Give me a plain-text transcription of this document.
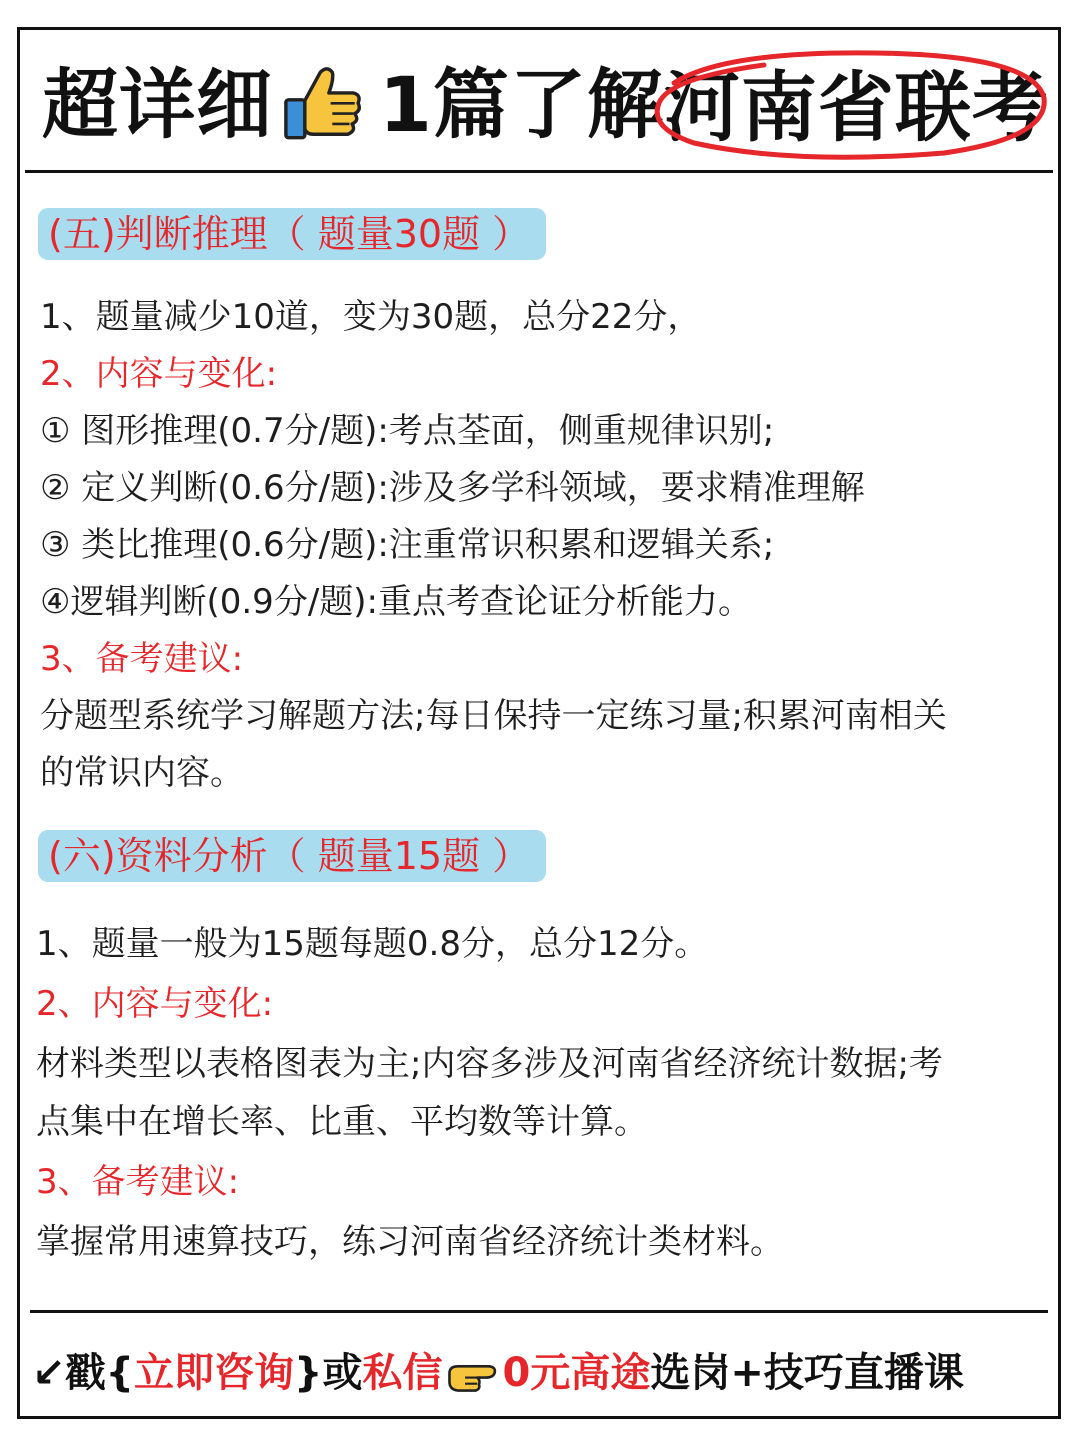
超详细 1篇了解河南省联考
(五)判断推理（ 题量30题 ）
1、题量减少10道，变为30题，总分22分，
2、内容与变化:
① 图形推理(0.7分/题):考点荃面，侧重规律识别;
② 定义判断(0.6分/题):涉及多学科领域，要求精准理解
③ 类比推理(0.6分/题):注重常识积累和逻辑关系;
④逻辑判断(0.9分/题):重点考查论证分析能力。
3、备考建议:
分题型系统学习解题方法;每日保持一定练习量;积累河南相关
的常识内容。
(六)资料分析（ 题量15题 ）
1、题量一般为15题每题0.8分，总分12分。
2、内容与变化:
材料类型以表格图表为主;内容多涉及河南省经济统计数据;考
点集中在增长率、比重、平均数等计算。
3、备考建议:
掌握常用速算技巧，练习河南省经济统计类材料。
↙戳{立即咨询}或私信 0元高途选岗+技巧直播课
